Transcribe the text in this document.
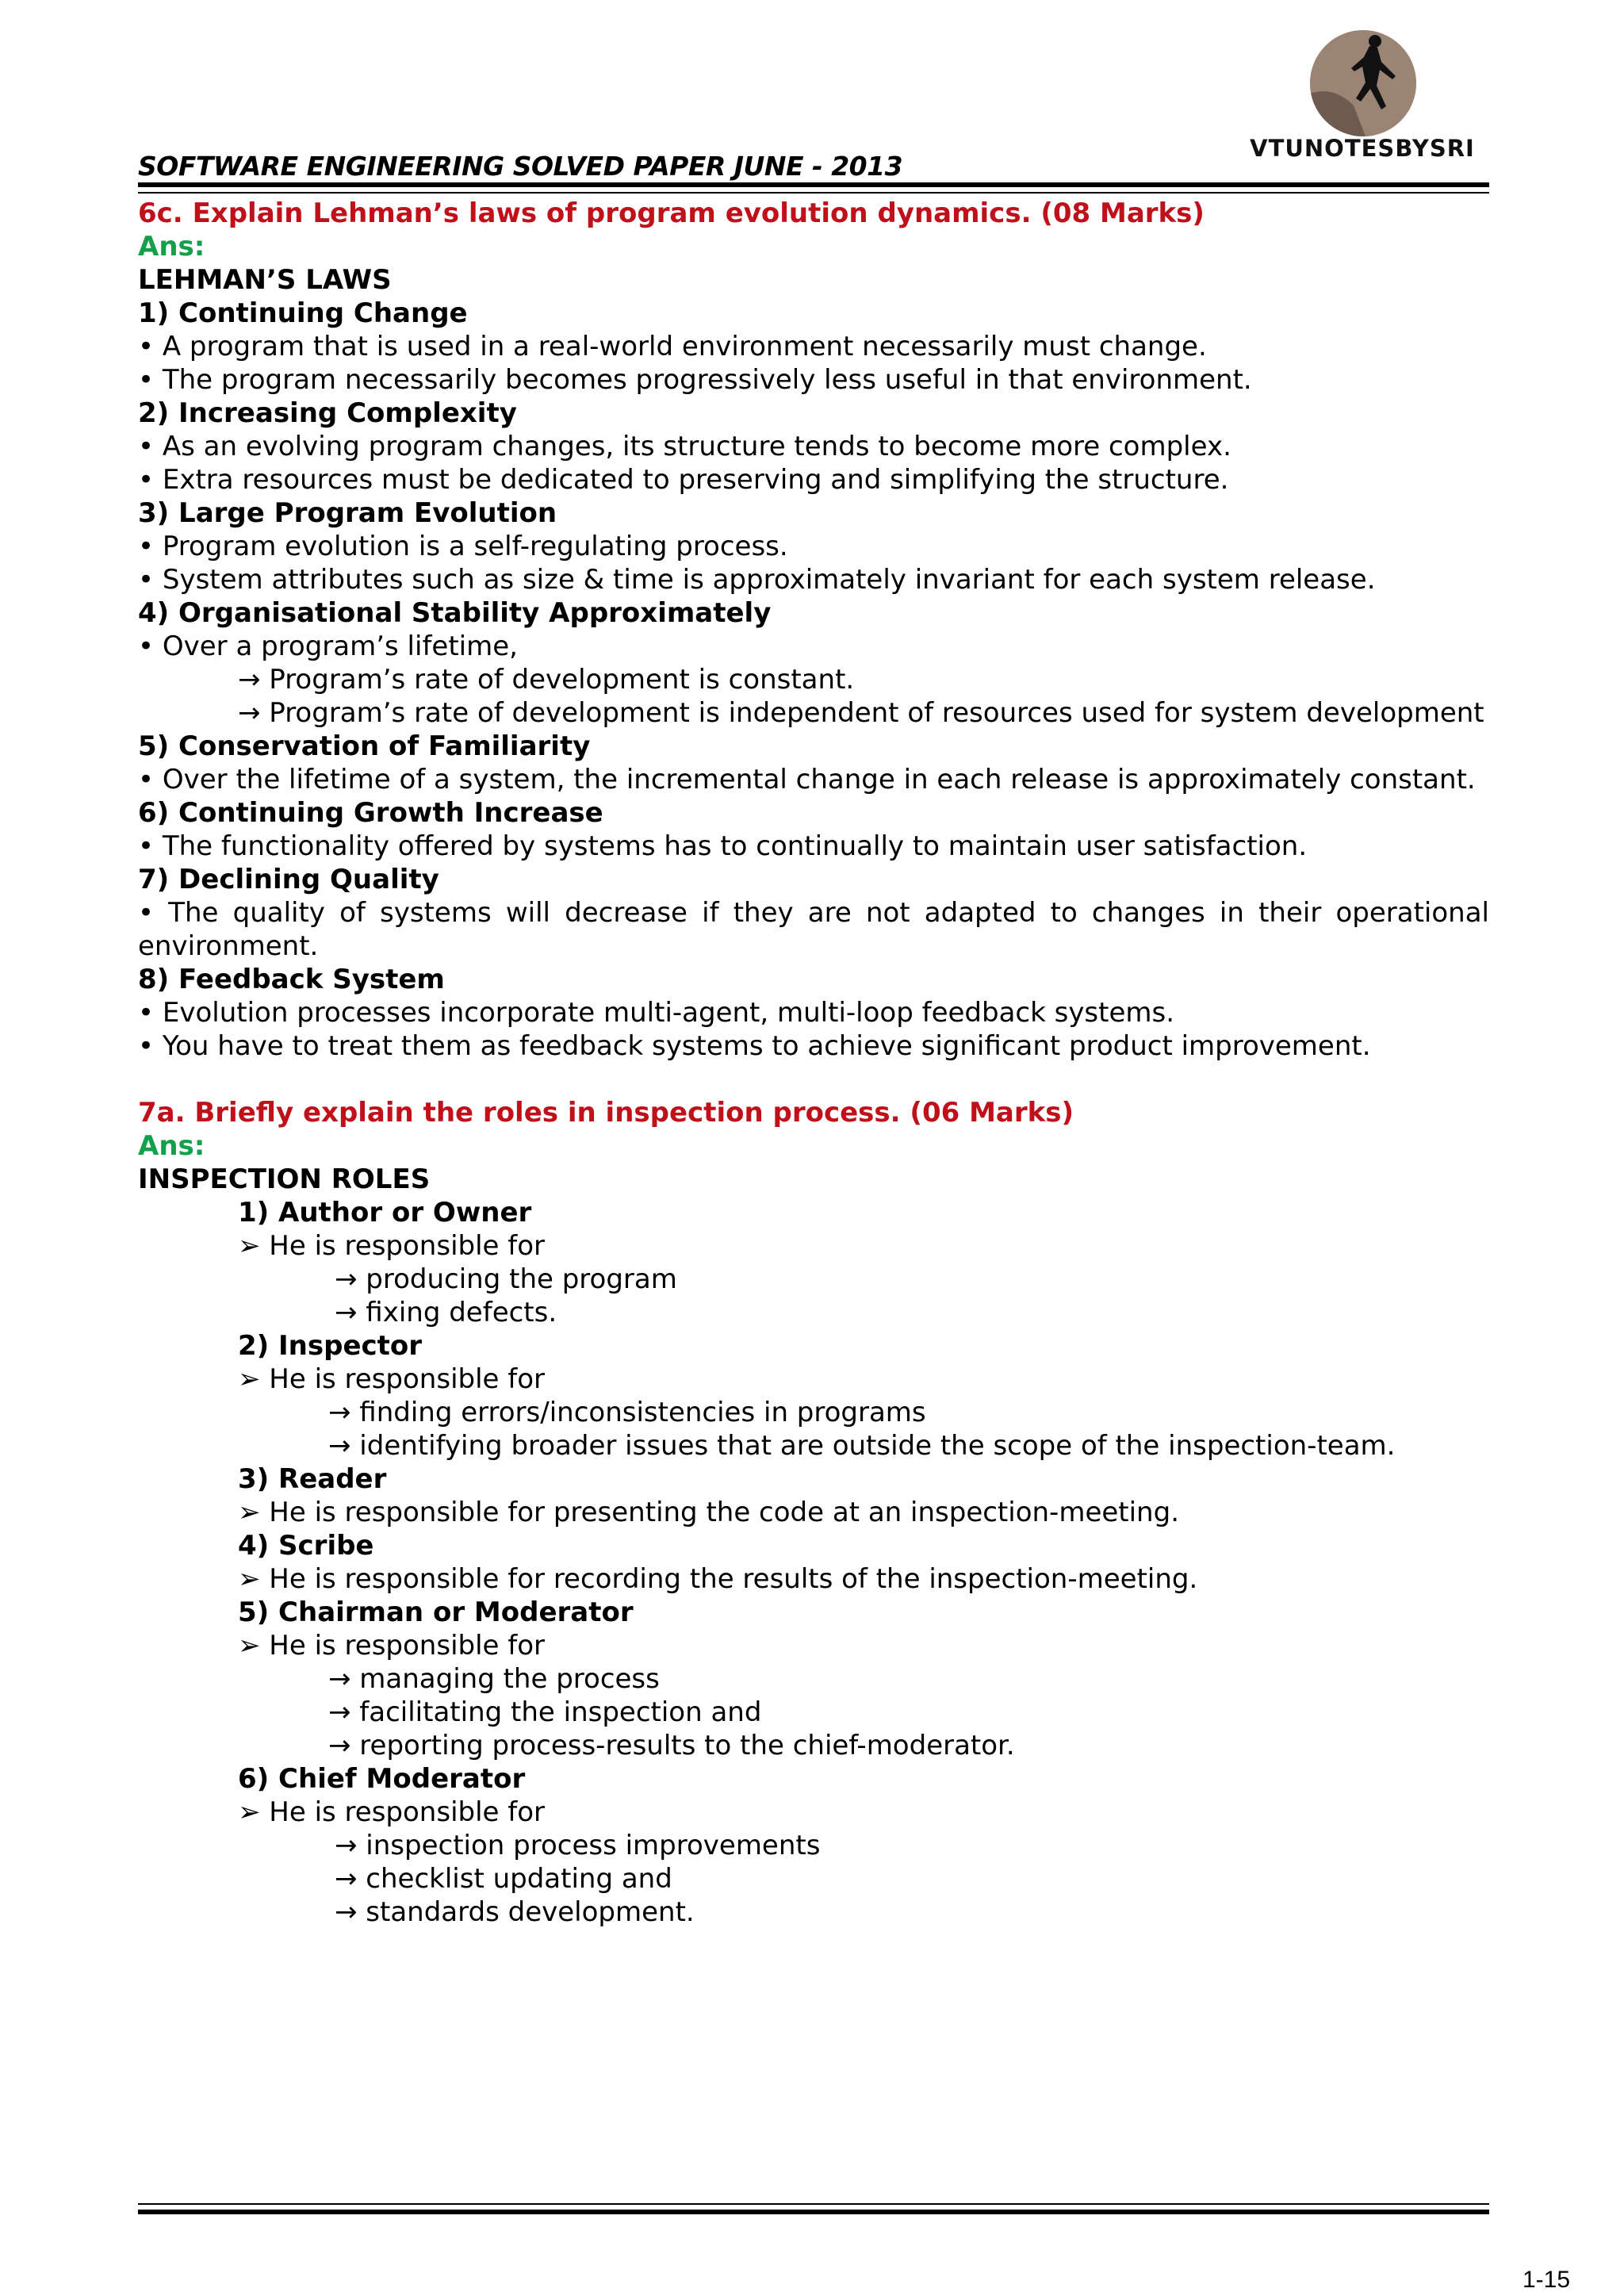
VTUNOTESBYSRI
SOFTWARE ENGINEERING SOLVED PAPER JUNE - 2013
6c. Explain Lehman’s laws of program evolution dynamics. (08 Marks)
Ans:
LEHMAN’S LAWS
1) Continuing Change
• A program that is used in a real-world environment necessarily must change.
• The program necessarily becomes progressively less useful in that environment.
2) Increasing Complexity
• As an evolving program changes, its structure tends to become more complex.
• Extra resources must be dedicated to preserving and simplifying the structure.
3) Large Program Evolution
• Program evolution is a self-regulating process.
• System attributes such as size & time is approximately invariant for each system release.
4) Organisational Stability Approximately
• Over a program’s lifetime,
→ Program’s rate of development is constant.
→ Program’s rate of development is independent of resources used for system development
5) Conservation of Familiarity
• Over the lifetime of a system, the incremental change in each release is approximately constant.
6) Continuing Growth Increase
• The functionality offered by systems has to continually to maintain user satisfaction.
7) Declining Quality
• The quality of systems will decrease if they are not adapted to changes in their operational environment.
8) Feedback System
• Evolution processes incorporate multi-agent, multi-loop feedback systems.
• You have to treat them as feedback systems to achieve significant product improvement.
7a. Briefly explain the roles in inspection process. (06 Marks)
Ans:
INSPECTION ROLES
1) Author or Owner
➢ He is responsible for
→ producing the program
→ fixing defects.
2) Inspector
➢ He is responsible for
→ finding errors/inconsistencies in programs
→ identifying broader issues that are outside the scope of the inspection-team.
3) Reader
➢ He is responsible for presenting the code at an inspection-meeting.
4) Scribe
➢ He is responsible for recording the results of the inspection-meeting.
5) Chairman or Moderator
➢ He is responsible for
→ managing the process
→ facilitating the inspection and
→ reporting process-results to the chief-moderator.
6) Chief Moderator
➢ He is responsible for
→ inspection process improvements
→ checklist updating and
→ standards development.
1-15
